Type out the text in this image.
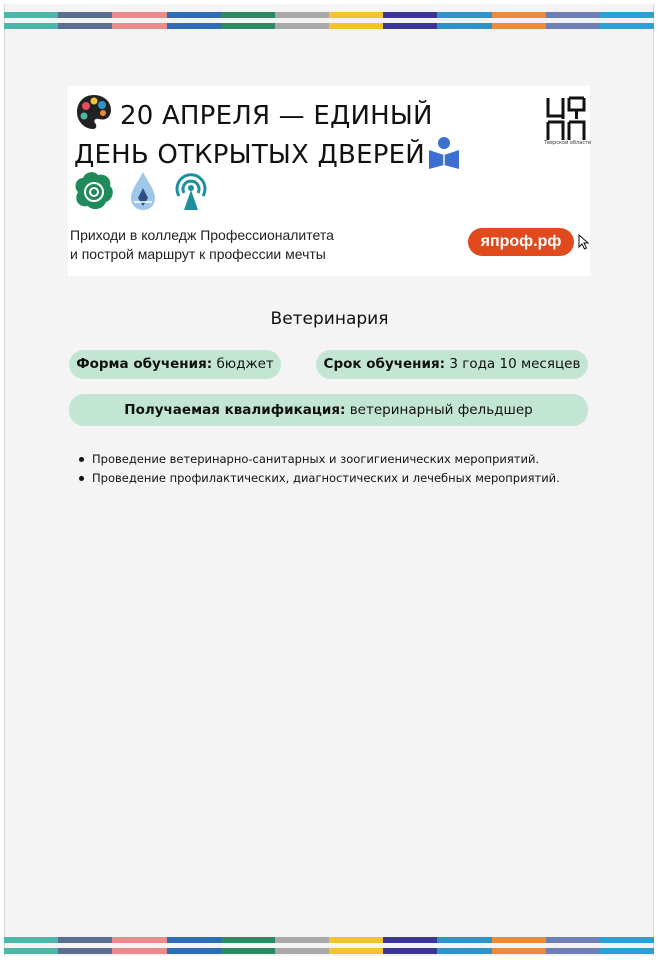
20 АПРЕЛЯ — ЕДИНЫЙ
ДЕНЬ ОТКРЫТЫХ ДВЕРЕЙ	Тверской области
Приходи в колледж Профессионалитета
и построй маршрут к профессии мечты
япроф.рф
Ветеринария
Форма обучения: бюджет	Срок обучения: 3 года 10 месяцев
Получаемая квалификация: ветеринарный фельдшер
Проведение ветеринарно-санитарных и зоогигиенических мероприятий.
Проведение профилактических, диагностических и лечебных мероприятий.
